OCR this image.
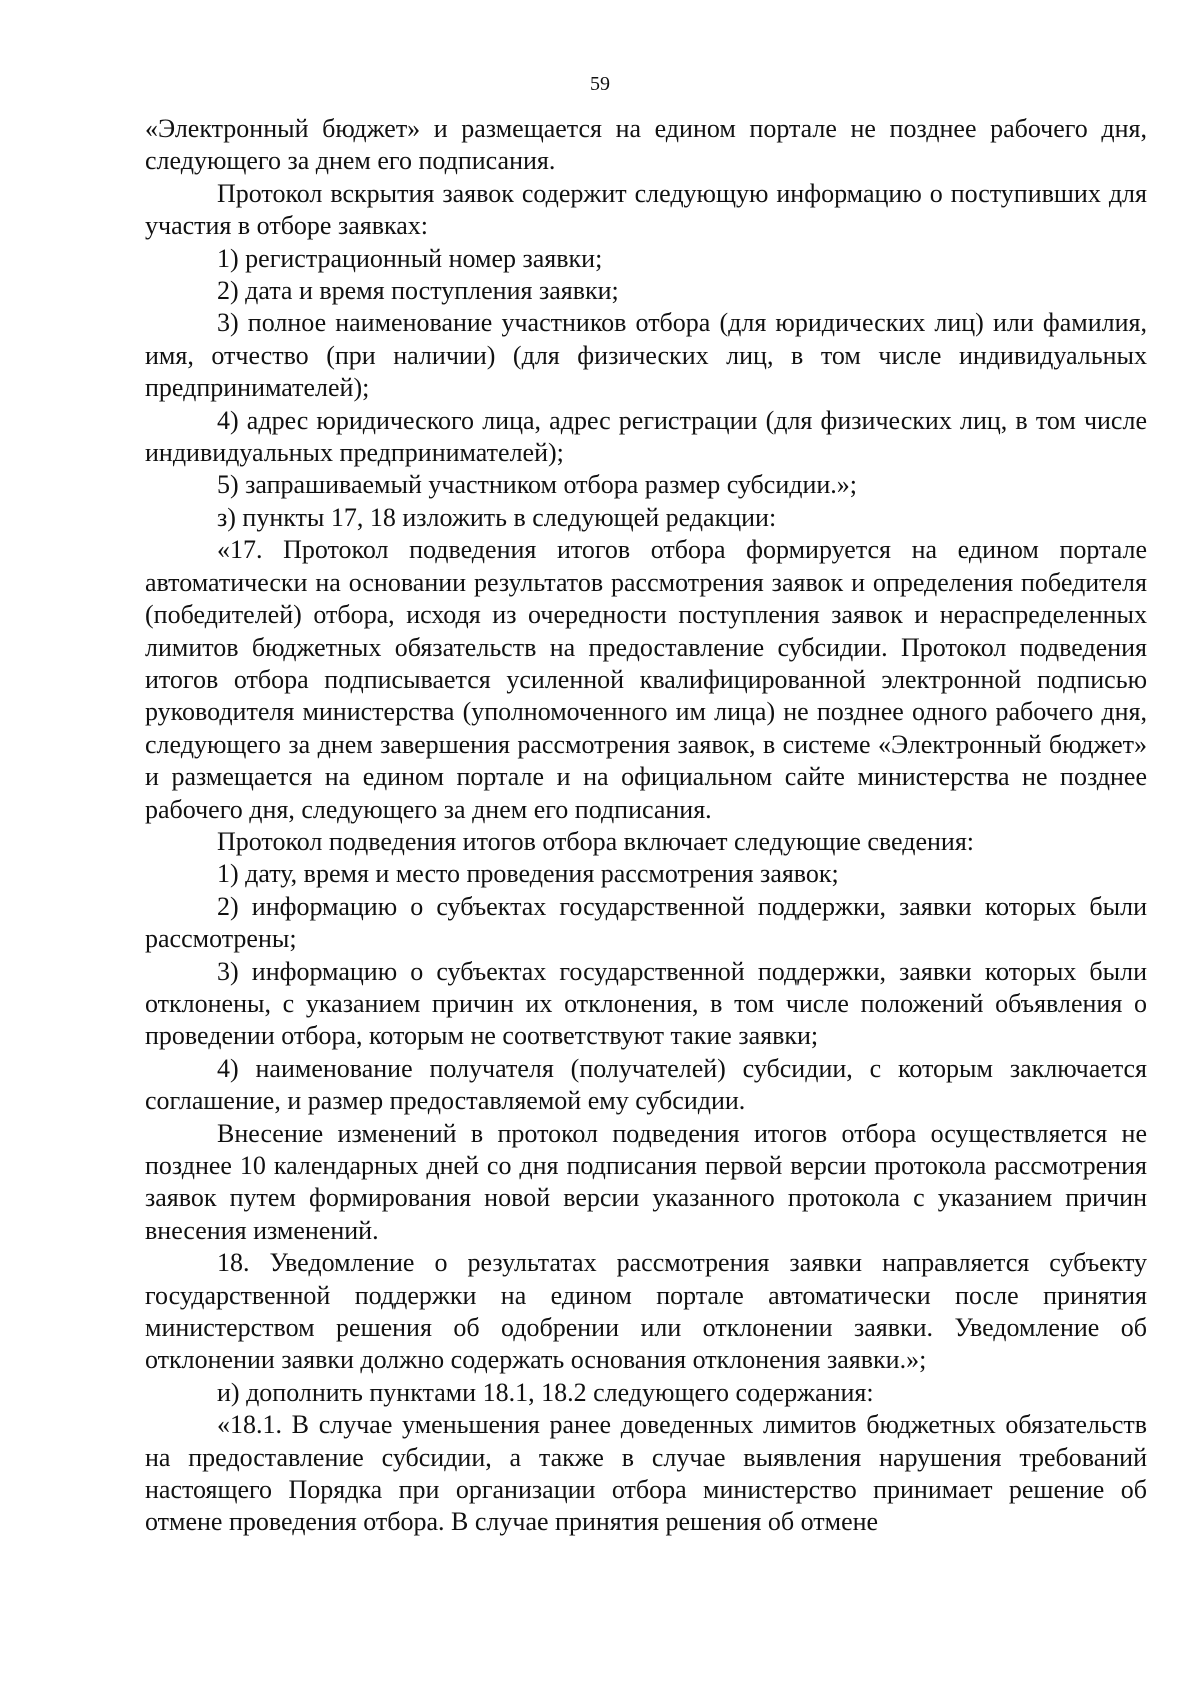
59

«Электронный бюджет» и размещается на едином портале не позднее рабочего дня, следующего за днем его подписания.

Протокол вскрытия заявок содержит следующую информацию о поступивших для участия в отборе заявках:

1) регистрационный номер заявки;

2) дата и время поступления заявки;

3) полное наименование участников отбора (для юридических лиц) или фамилия, имя, отчество (при наличии) (для физических лиц, в том числе индивидуальных предпринимателей);

4) адрес юридического лица, адрес регистрации (для физических лиц, в том числе индивидуальных предпринимателей);

5) запрашиваемый участником отбора размер субсидии.»;

з) пункты 17, 18 изложить в следующей редакции:

«17. Протокол подведения итогов отбора формируется на едином портале автоматически на основании результатов рассмотрения заявок и определения победителя (победителей) отбора, исходя из очередности поступления заявок и нераспределенных лимитов бюджетных обязательств на предоставление субсидии. Протокол подведения итогов отбора подписывается усиленной квалифицированной электронной подписью руководителя министерства (уполномоченного им лица) не позднее одного рабочего дня, следующего за днем завершения рассмотрения заявок, в системе «Электронный бюджет» и размещается на едином портале и на официальном сайте министерства не позднее рабочего дня, следующего за днем его подписания.

Протокол подведения итогов отбора включает следующие сведения:

1) дату, время и место проведения рассмотрения заявок;

2) информацию о субъектах государственной поддержки, заявки которых были рассмотрены;

3) информацию о субъектах государственной поддержки, заявки которых были отклонены, с указанием причин их отклонения, в том числе положений объявления о проведении отбора, которым не соответствуют такие заявки;

4) наименование получателя (получателей) субсидии, с которым заключается соглашение, и размер предоставляемой ему субсидии.

Внесение изменений в протокол подведения итогов отбора осуществляется не позднее 10 календарных дней со дня подписания первой версии протокола рассмотрения заявок путем формирования новой версии указанного протокола с указанием причин внесения изменений.

18. Уведомление о результатах рассмотрения заявки направляется субъекту государственной поддержки на едином портале автоматически после принятия министерством решения об одобрении или отклонении заявки. Уведомление об отклонении заявки должно содержать основания отклонения заявки.»;

и) дополнить пунктами 18.1, 18.2 следующего содержания:

«18.1. В случае уменьшения ранее доведенных лимитов бюджетных обязательств на предоставление субсидии, а также в случае выявления нарушения требований настоящего Порядка при организации отбора министерство принимает решение об отмене проведения отбора. В случае принятия решения об отмене
